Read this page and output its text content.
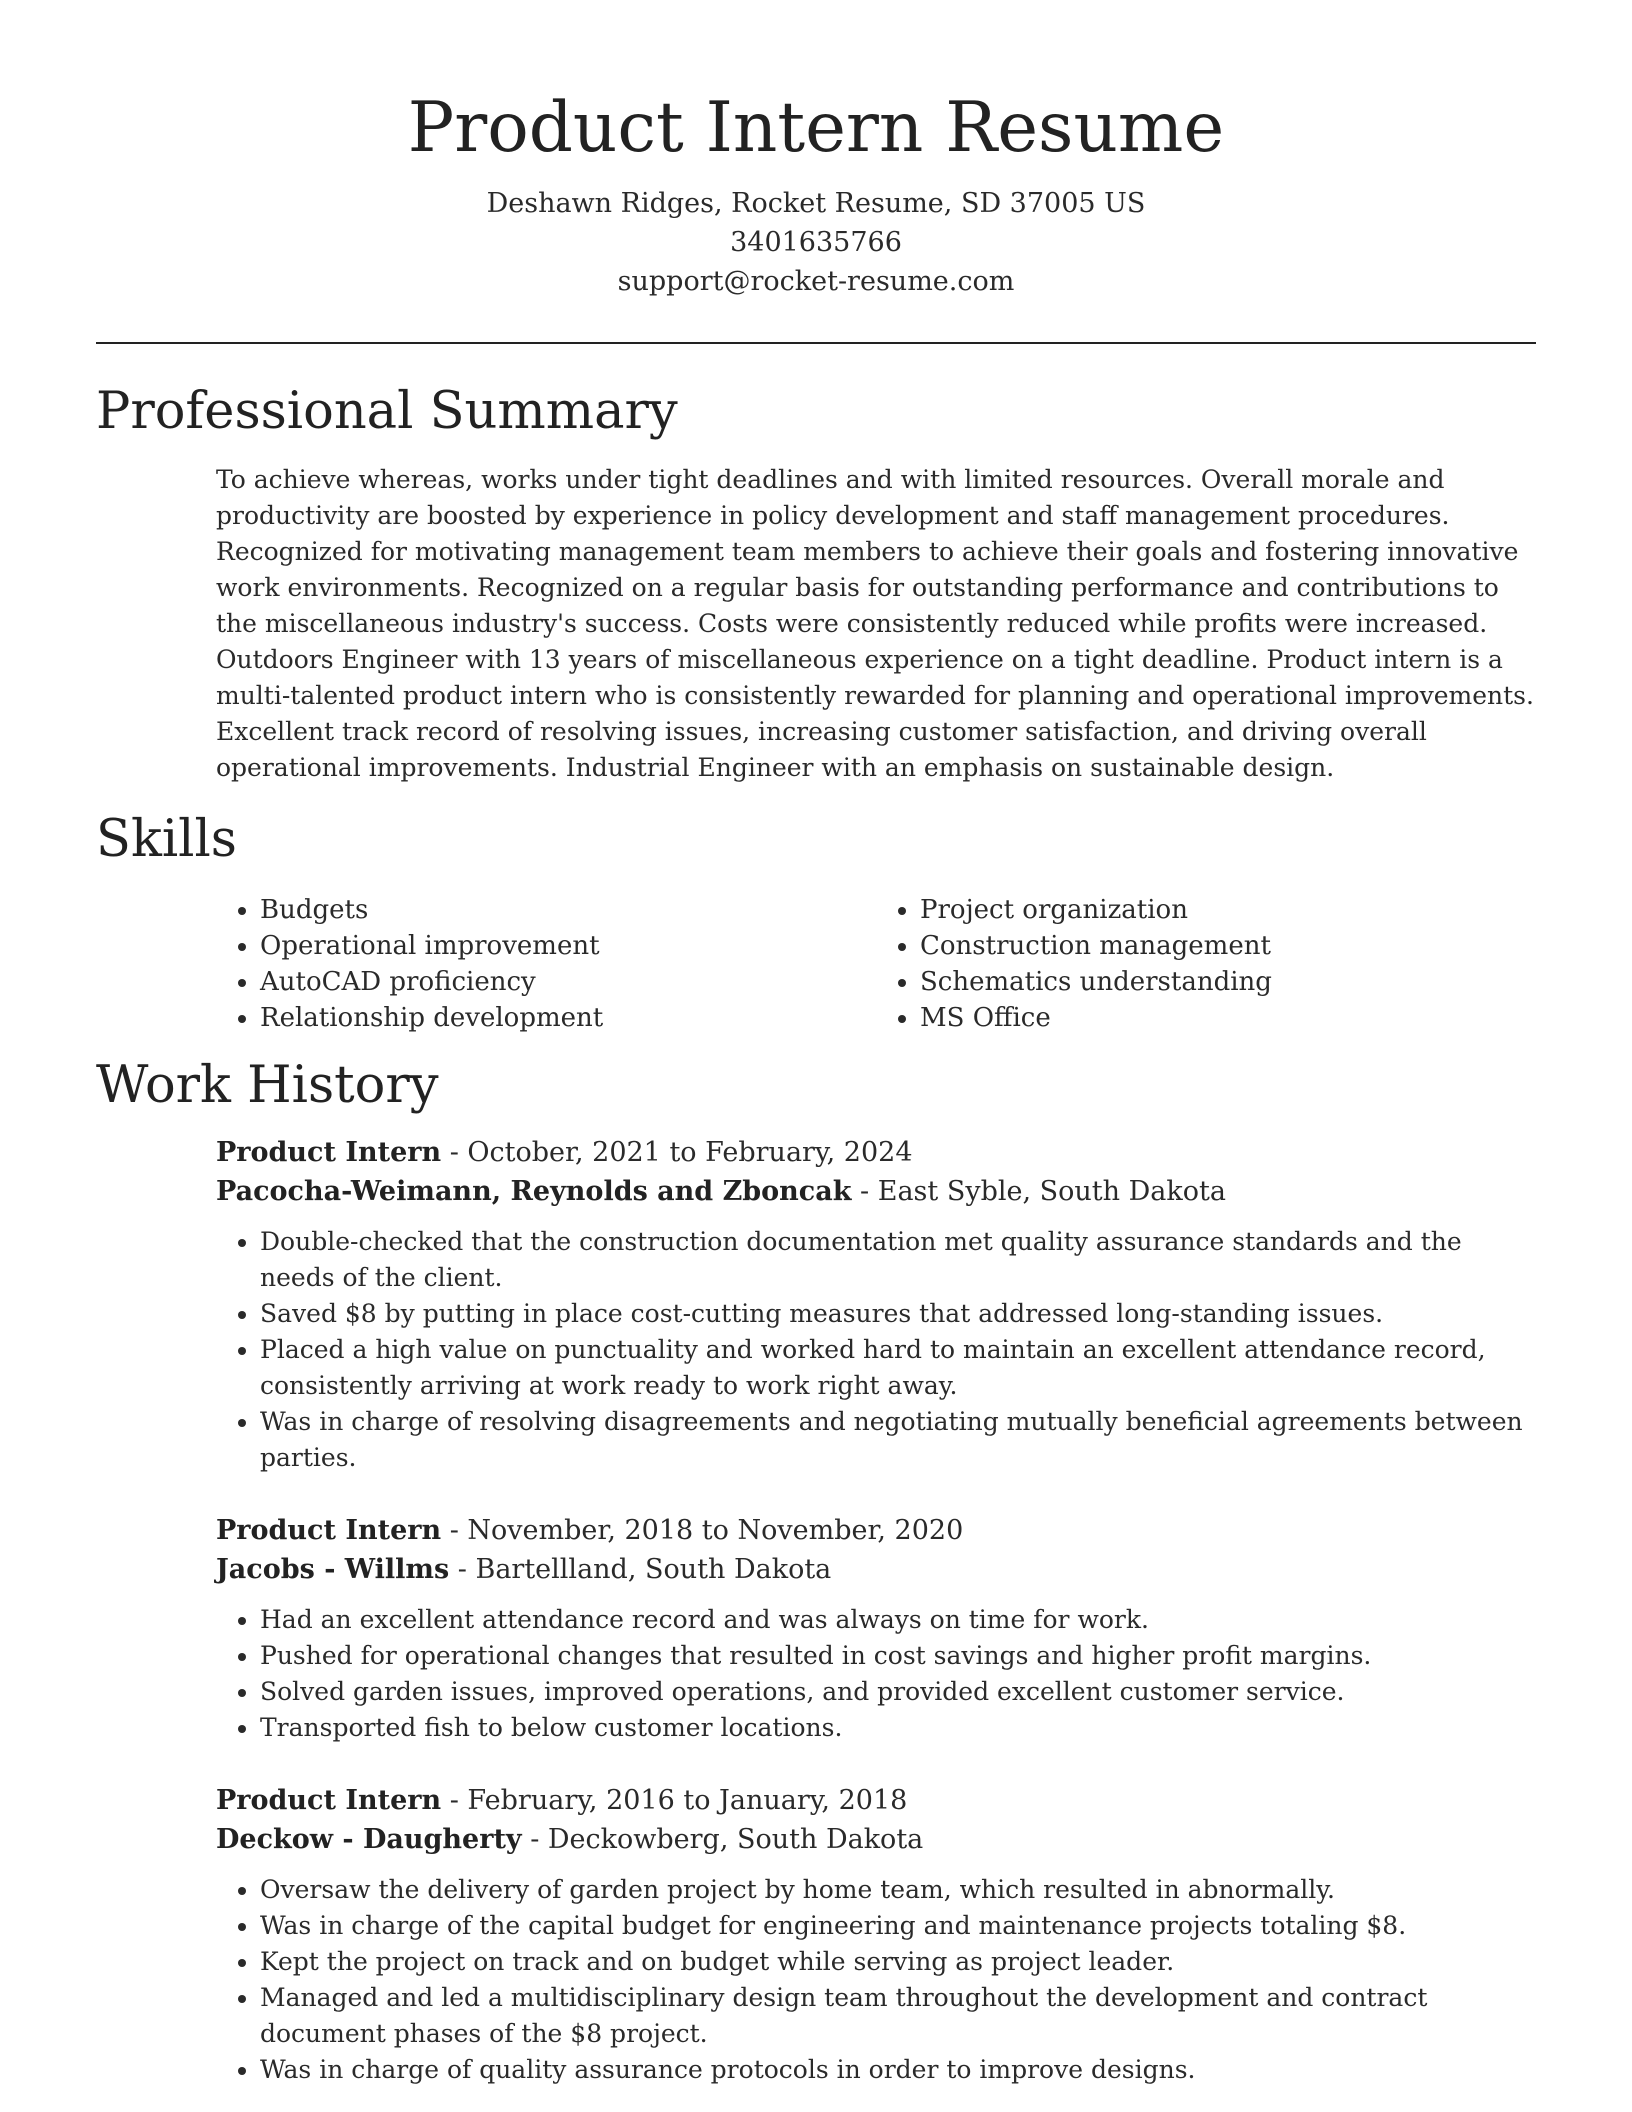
Product Intern Resume
Deshawn Ridges, Rocket Resume, SD 37005 US
3401635766
support@rocket-resume.com
Professional Summary

To achieve whereas, works under tight deadlines and with limited resources. Overall morale and productivity are boosted by experience in policy development and staff management procedures. Recognized for motivating management team members to achieve their goals and fostering innovative work environments. Recognized on a regular basis for outstanding performance and contributions to the miscellaneous industry's success. Costs were consistently reduced while profits were increased. Outdoors Engineer with 13 years of miscellaneous experience on a tight deadline. Product intern is a multi-talented product intern who is consistently rewarded for planning and operational improvements. Excellent track record of resolving issues, increasing customer satisfaction, and driving overall operational improvements. Industrial Engineer with an emphasis on sustainable design.

Skills
• Budgets
• Operational improvement
• AutoCAD proficiency
• Relationship development
• Project organization
• Construction management
• Schematics understanding
• MS Office
Work History
Product Intern - October, 2021 to February, 2024
Pacocha-Weimann, Reynolds and Zboncak - East Syble, South Dakota
• Double-checked that the construction documentation met quality assurance standards and the needs of the client.
• Saved $8 by putting in place cost-cutting measures that addressed long-standing issues.
• Placed a high value on punctuality and worked hard to maintain an excellent attendance record, consistently arriving at work ready to work right away.
• Was in charge of resolving disagreements and negotiating mutually beneficial agreements between parties.
Product Intern - November, 2018 to November, 2020
Jacobs - Willms - Bartellland, South Dakota
• Had an excellent attendance record and was always on time for work.
• Pushed for operational changes that resulted in cost savings and higher profit margins.
• Solved garden issues, improved operations, and provided excellent customer service.
• Transported fish to below customer locations.
Product Intern - February, 2016 to January, 2018
Deckow - Daugherty - Deckowberg, South Dakota
• Oversaw the delivery of garden project by home team, which resulted in abnormally.
• Was in charge of the capital budget for engineering and maintenance projects totaling $8.
• Kept the project on track and on budget while serving as project leader.
• Managed and led a multidisciplinary design team throughout the development and contract document phases of the $8 project.
• Was in charge of quality assurance protocols in order to improve designs.
